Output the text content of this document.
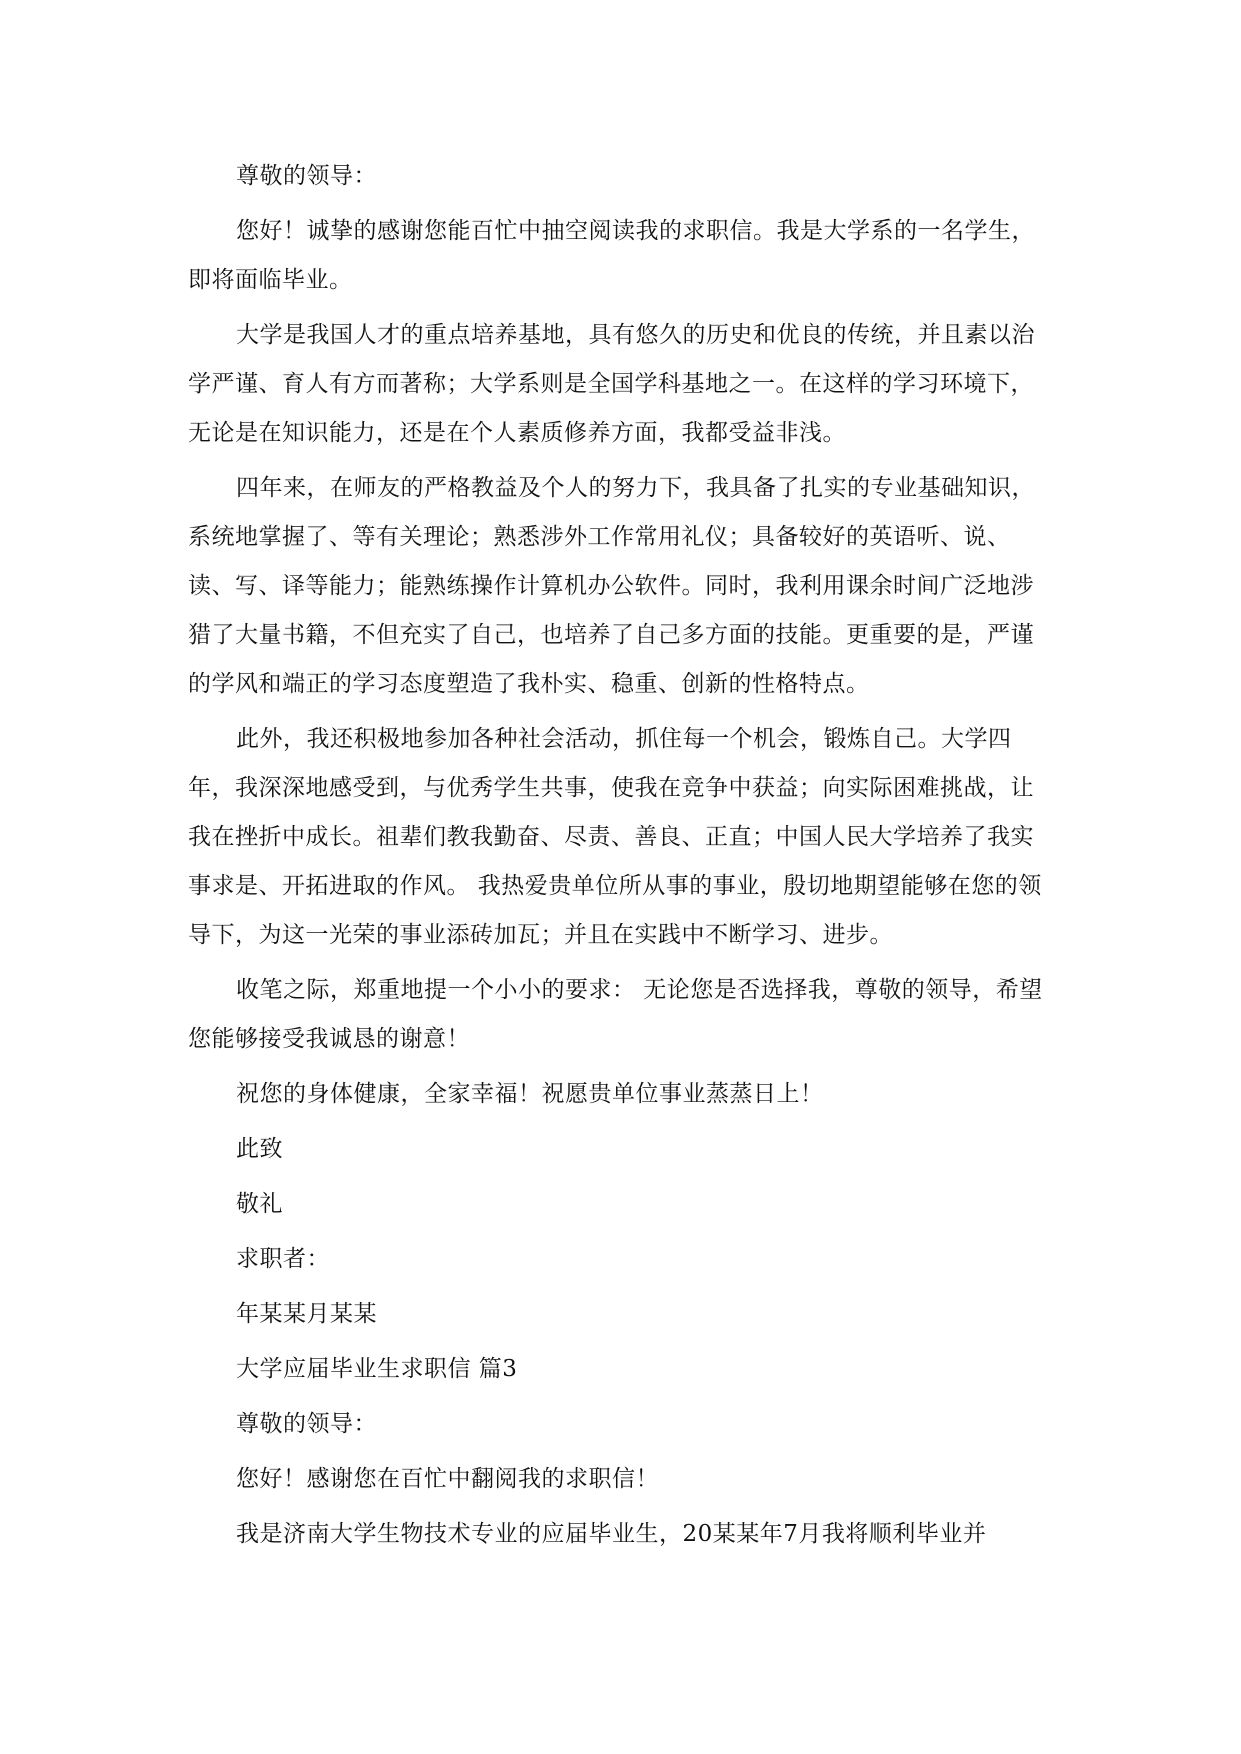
尊敬的领导：

您好！诚挚的感谢您能百忙中抽空阅读我的求职信。我是大学系的一名学生，即将面临毕业。

大学是我国人才的重点培养基地，具有悠久的历史和优良的传统，并且素以治学严谨、育人有方而著称；大学系则是全国学科基地之一。在这样的学习环境下，无论是在知识能力，还是在个人素质修养方面，我都受益非浅。

四年来，在师友的严格教益及个人的努力下，我具备了扎实的专业基础知识，系统地掌握了、等有关理论；熟悉涉外工作常用礼仪；具备较好的英语听、说、读、写、译等能力；能熟练操作计算机办公软件。同时，我利用课余时间广泛地涉猎了大量书籍，不但充实了自己，也培养了自己多方面的技能。更重要的是，严谨的学风和端正的学习态度塑造了我朴实、稳重、创新的性格特点。

此外，我还积极地参加各种社会活动，抓住每一个机会，锻炼自己。大学四年，我深深地感受到，与优秀学生共事，使我在竞争中获益；向实际困难挑战，让我在挫折中成长。祖辈们教我勤奋、尽责、善良、正直；中国人民大学培养了我实事求是、开拓进取的作风。 我热爱贵单位所从事的事业，殷切地期望能够在您的领导下，为这一光荣的事业添砖加瓦；并且在实践中不断学习、进步。

收笔之际，郑重地提一个小小的要求： 无论您是否选择我，尊敬的领导，希望您能够接受我诚恳的谢意！

祝您的身体健康，全家幸福！祝愿贵单位事业蒸蒸日上！

此致

敬礼

求职者：

年某某月某某

大学应届毕业生求职信 篇3

尊敬的领导：

您好！感谢您在百忙中翻阅我的求职信！

我是济南大学生物技术专业的应届毕业生，20某某年7月我将顺利毕业并
